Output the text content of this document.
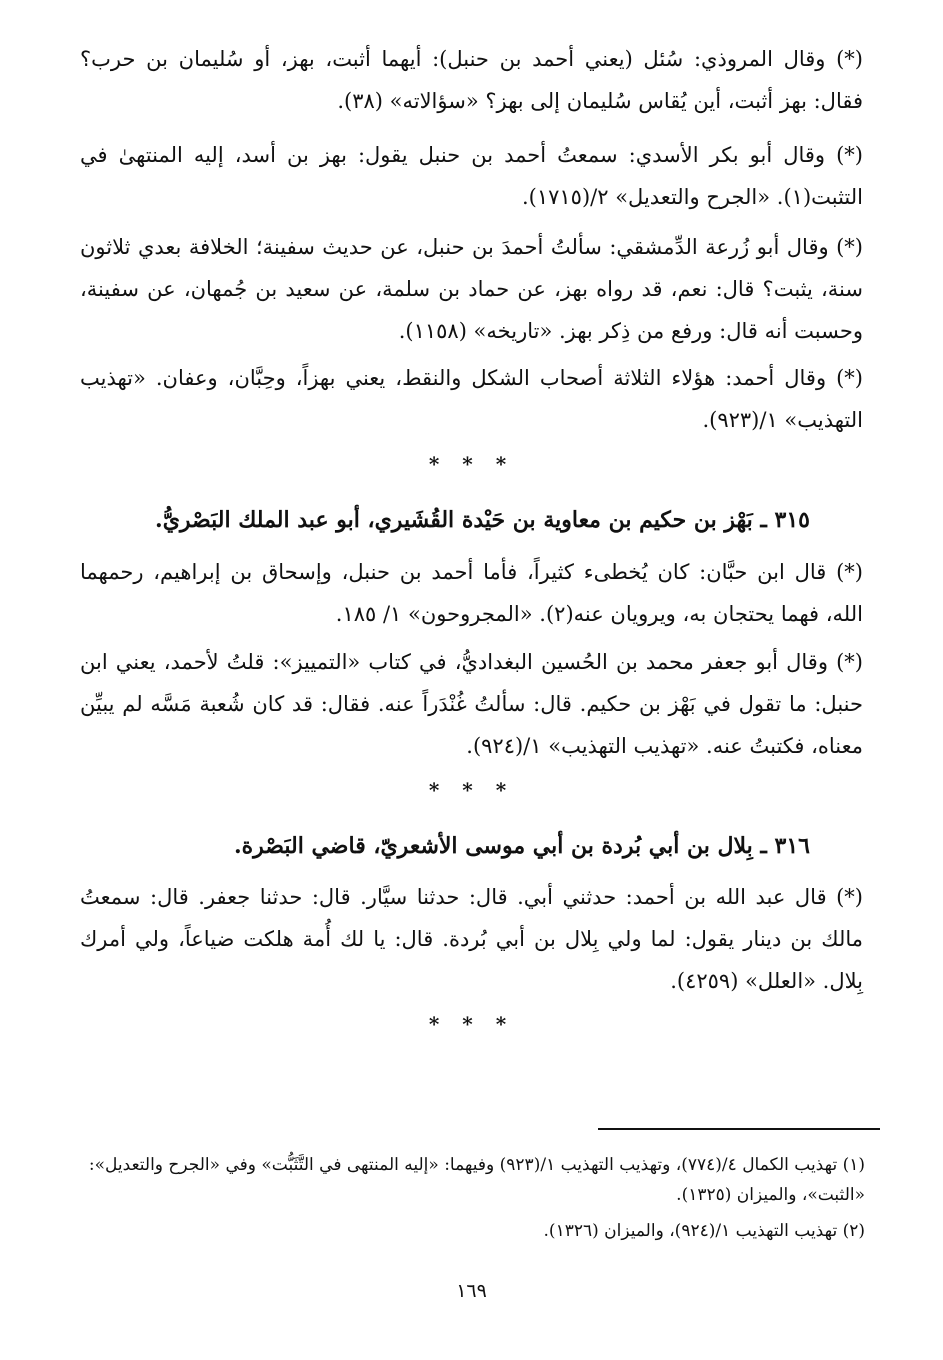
(*) وقال المروذي: سُئل (يعني أحمد بن حنبل): أيهما أثبت، بهز، أو سُليمان بن حرب؟ فقال: بهز أثبت، أين يُقاس سُليمان إلى بهز؟ «سؤالاته» (٣٨).

(*) وقال أبو بكر الأسدي: سمعتُ أحمد بن حنبل يقول: بهز بن أسد، إليه المنتهىٰ في التثبت(١). «الجرح والتعديل» ٢/(١٧١٥).

(*) وقال أبو زُرعة الدِّمشقي: سألتُ أحمدَ بن حنبل، عن حديث سفينة؛ الخلافة بعدي ثلاثون سنة، يثبت؟ قال: نعم، قد رواه بهز، عن حماد بن سلمة، عن سعيد بن جُمهان، عن سفينة، وحسبت أنه قال: ورفع من ذِكر بهز. «تاريخه» (١١٥٨).

(*) وقال أحمد: هؤلاء الثلاثة أصحاب الشكل والنقط، يعني بهزاً، وحِبَّان، وعفان. «تهذيب التهذيب» ١/(٩٢٣).

* * *
٣١٥ ـ بَهْز بن حكيم بن معاوية بن حَيْدة القُشَيري، أبو عبد الملك البَصْريُّ.

(*) قال ابن حبَّان: كان يُخطىء كثيراً، فأما أحمد بن حنبل، وإسحاق بن إبراهيم، رحمهما الله، فهما يحتجان به، ويرويان عنه(٢). «المجروحون» ١/ ١٨٥.

(*) وقال أبو جعفر محمد بن الحُسين البغداديُّ، في كتاب «التمييز»: قلتُ لأحمد، يعني ابن حنبل: ما تقول في بَهْز بن حكيم. قال: سألتُ غُنْدَراً عنه. فقال: قد كان شُعبة مَسَّه لم يبيِّن معناه، فكتبتُ عنه. «تهذيب التهذيب» ١/(٩٢٤).

* * *
٣١٦ ـ بِلال بن أبي بُردة بن أبي موسى الأشعريّ، قاضي البَصْرة.

(*) قال عبد الله بن أحمد: حدثني أبي. قال: حدثنا سيَّار. قال: حدثنا جعفر. قال: سمعتُ مالك بن دينار يقول: لما ولي بِلال بن أبي بُردة. قال: يا لك أُمة هلكت ضياعاً، ولي أمرك بِلال. «العلل» (٤٢٥٩).

* * *

(١) تهذيب الكمال ٤/(٧٧٤)، وتهذيب التهذيب ١/(٩٢٣) وفيهما: «إليه المنتهى في التَّثَبُّت» وفي «الجرح والتعديل»: «الثبت»، والميزان (١٣٢٥).

(٢) تهذيب التهذيب ١/(٩٢٤)، والميزان (١٣٢٦).

١٦٩
